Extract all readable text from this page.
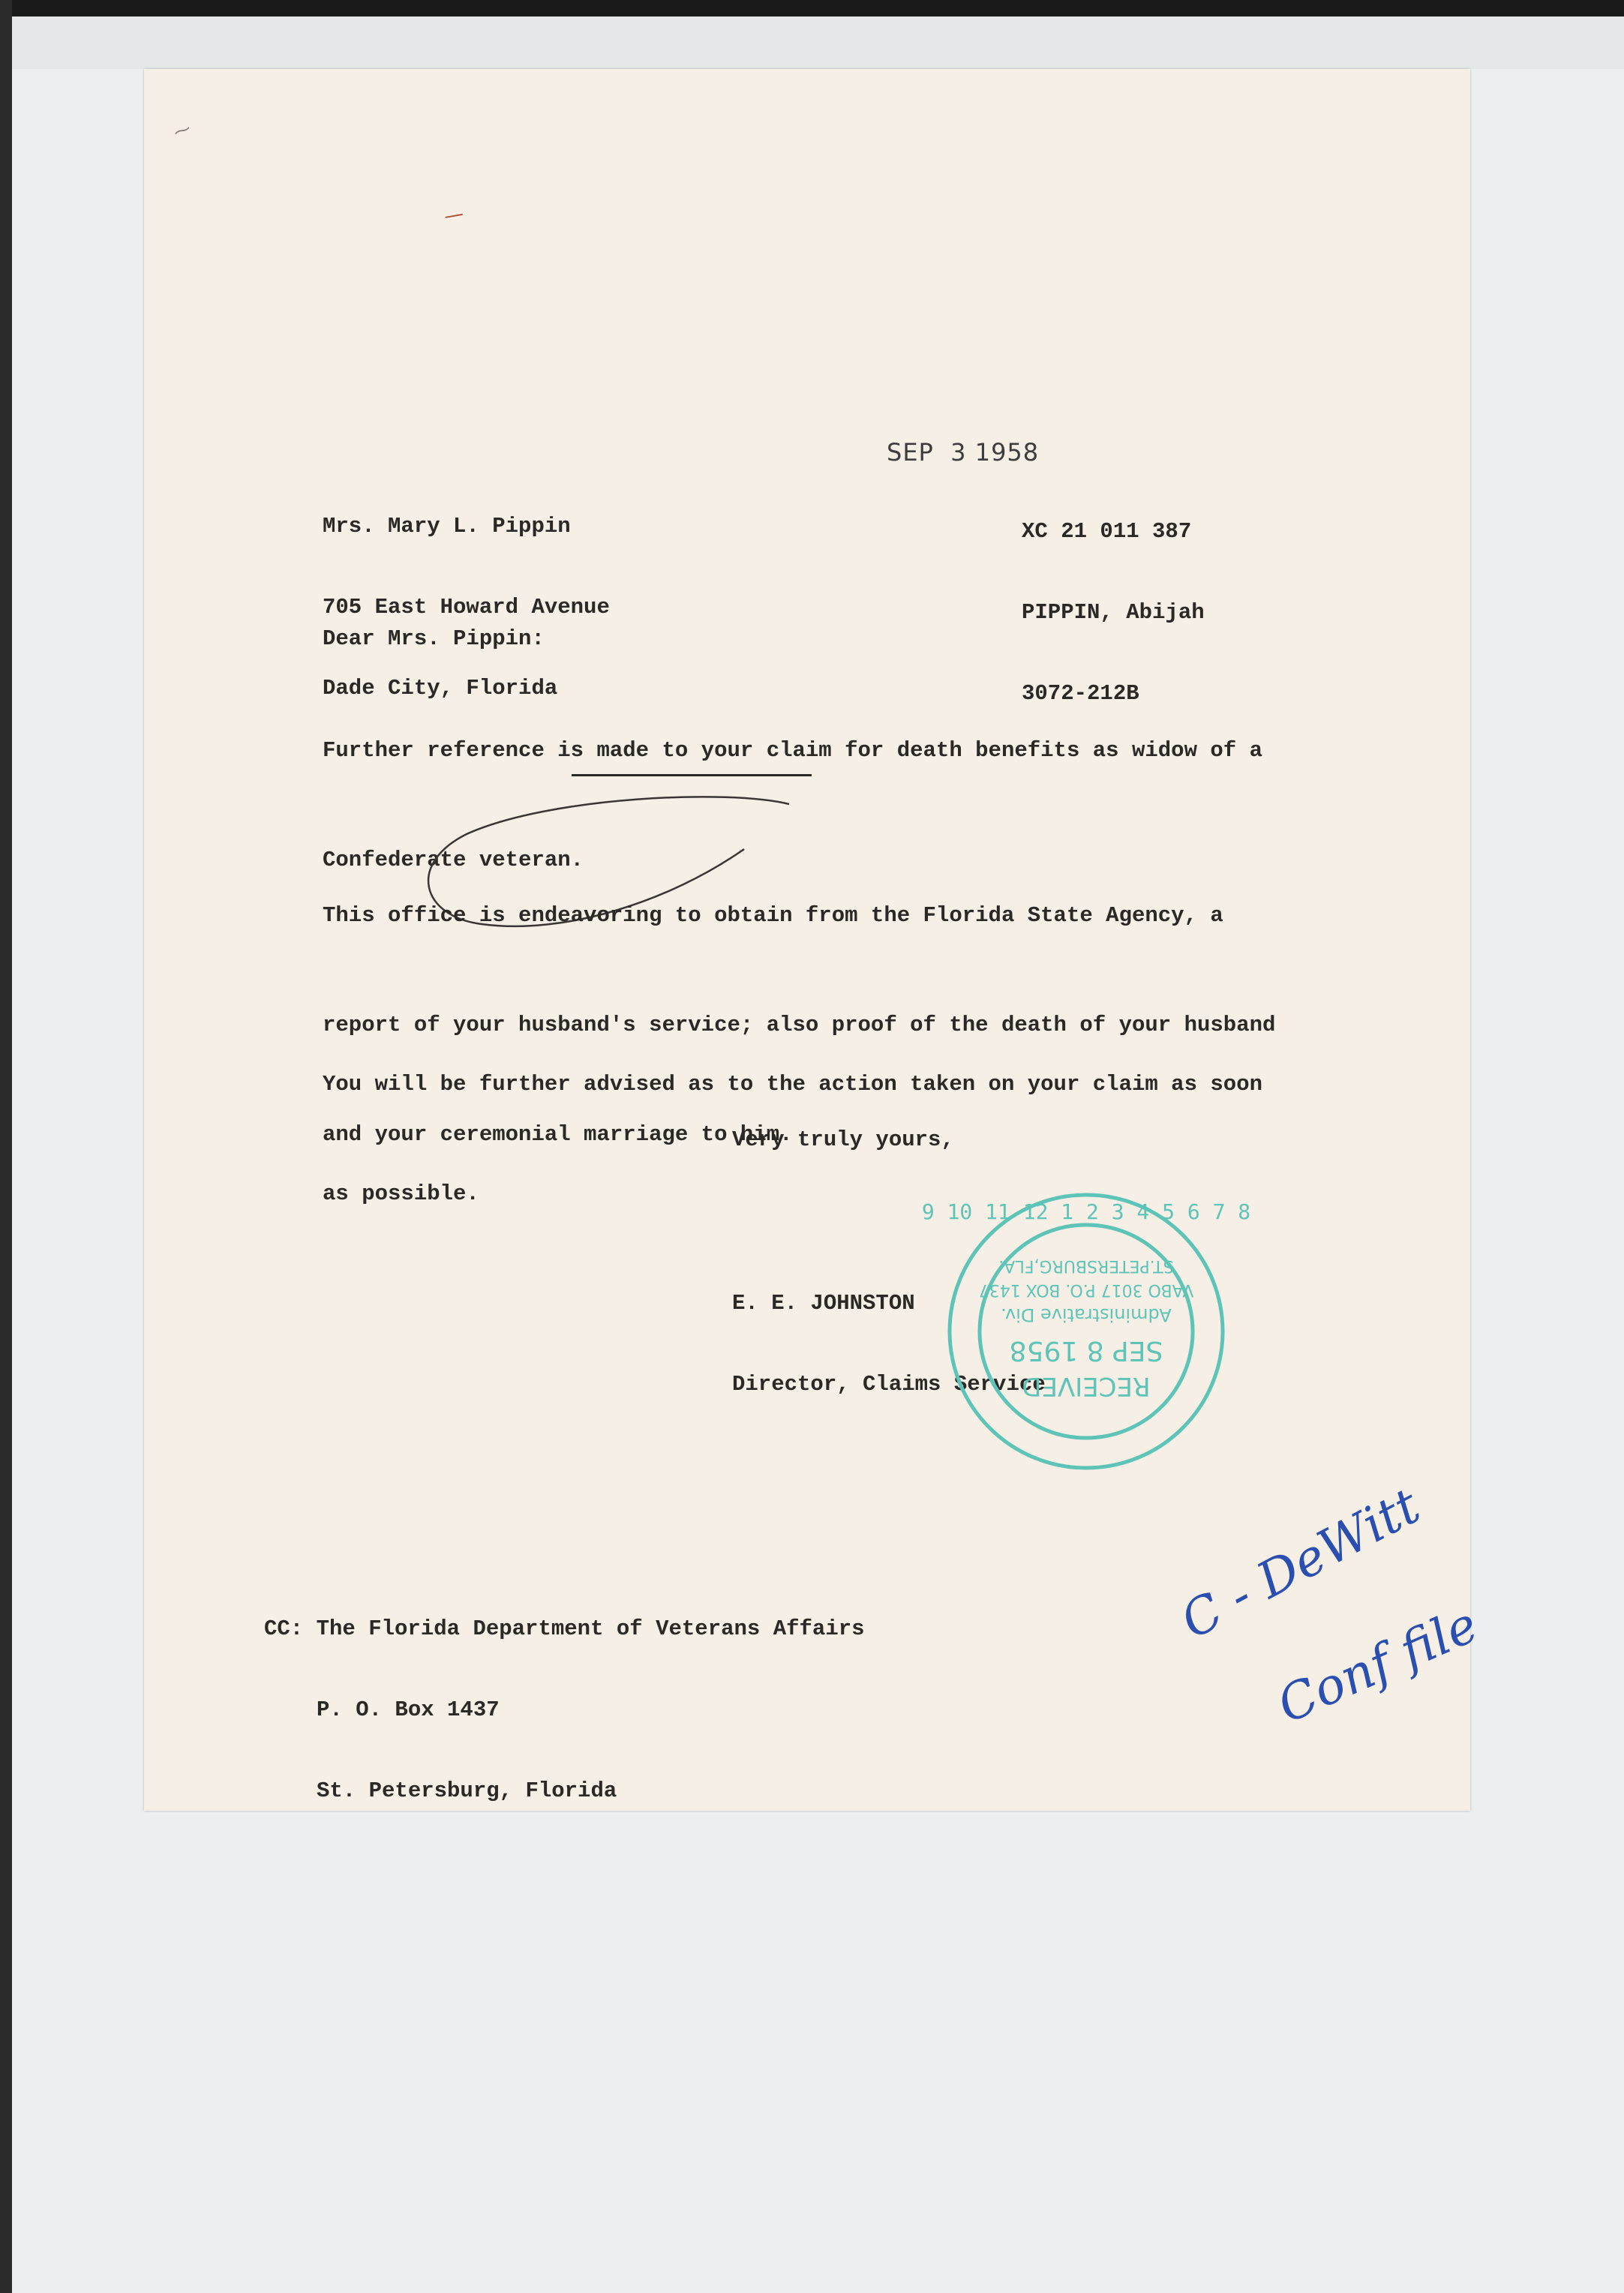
SEP  3 1958

Mrs. Mary L. Pippin

705 East Howard Avenue

Dade City, Florida

XC 21 011 387

PIPPIN, Abijah

3072-212B

Dear Mrs. Pippin:

Further reference is made to your claim for death benefits as widow of a

Confederate veteran.

This office is endeavoring to obtain from the Florida State Agency, a

report of your husband's service; also proof of the death of your husband

and your ceremonial marriage to him.

You will be further advised as to the action taken on your claim as soon

as possible.

Very truly yours,

E. E. JOHNSTON

Director, Claims Service

9 10 11 12 1 2 3 4 5 6 7 8
RECEIVED
SEP 8 1958
Administrative Div.
VABO 3017 P.O. BOX 1437
ST.PETERSBURG,FLA.

CC: The Florida Department of Veterans Affairs

P. O. Box 1437

St. Petersburg, Florida

C - DeWitt
Conf file
⁓
—
